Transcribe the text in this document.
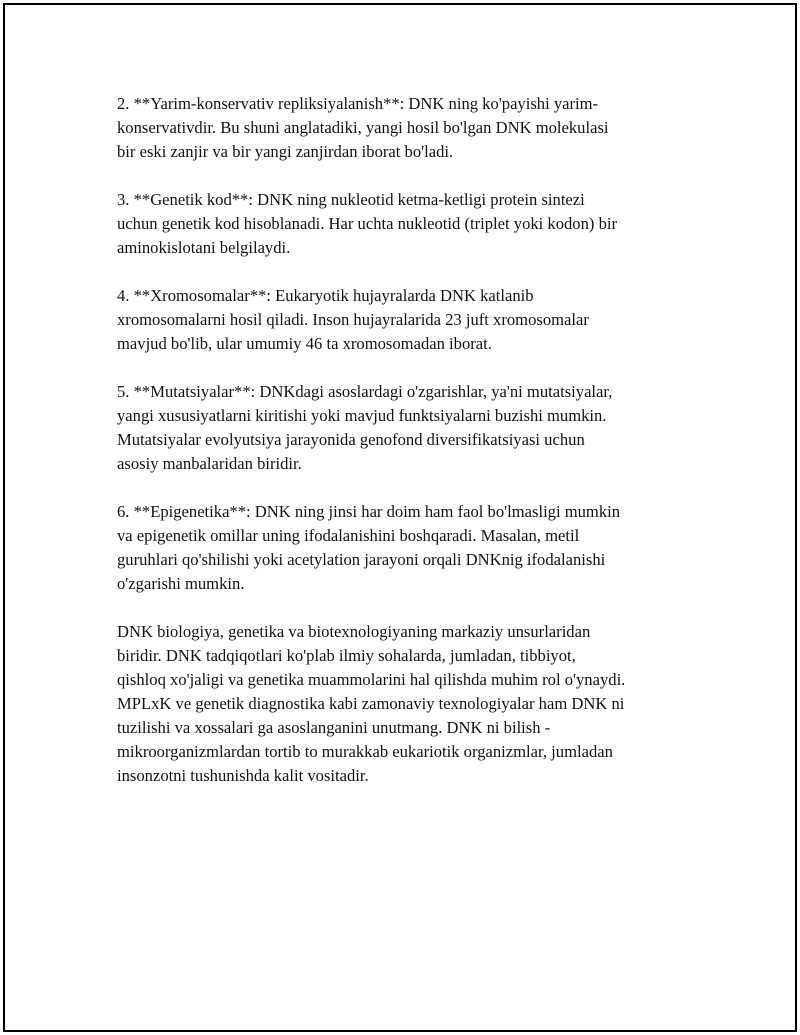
2. **Yarim-konservativ repliksiyalanish**: DNK ning ko'payishi yarim-
konservativdir. Bu shuni anglatadiki, yangi hosil bo'lgan DNK molekulasi
bir eski zanjir va bir yangi zanjirdan iborat bo'ladi.

3. **Genetik kod**: DNK ning nukleotid ketma-ketligi protein sintezi
uchun genetik kod hisoblanadi. Har uchta nukleotid (triplet yoki kodon) bir
aminokislotani belgilaydi.

4. **Xromosomalar**: Eukaryotik hujayralarda DNK katlanib
xromosomalarni hosil qiladi. Inson hujayralarida 23 juft xromosomalar
mavjud bo'lib, ular umumiy 46 ta xromosomadan iborat.

5. **Mutatsiyalar**: DNKdagi asoslardagi o'zgarishlar, ya'ni mutatsiyalar,
yangi xususiyatlarni kiritishi yoki mavjud funktsiyalarni buzishi mumkin.
Mutatsiyalar evolyutsiya jarayonida genofond diversifikatsiyasi uchun
asosiy manbalaridan biridir.

6. **Epigenetika**: DNK ning jinsi har doim ham faol bo'lmasligi mumkin
va epigenetik omillar uning ifodalanishini boshqaradi. Masalan, metil
guruhlari qo'shilishi yoki acetylation jarayoni orqali DNKnig ifodalanishi
o'zgarishi mumkin.

DNK biologiya, genetika va biotexnologiyaning markaziy unsurlaridan
biridir. DNK tadqiqotlari ko'plab ilmiy sohalarda, jumladan, tibbiyot,
qishloq xo'jaligi va genetika muammolarini hal qilishda muhim rol o'ynaydi.
MPLxK ve genetik diagnostika kabi zamonaviy texnologiyalar ham DNK ni
tuzilishi va xossalari ga asoslanganini unutmang. DNK ni bilish -
mikroorganizmlardan tortib to murakkab eukariotik organizmlar, jumladan
insonzotni tushunishda kalit vositadir.
